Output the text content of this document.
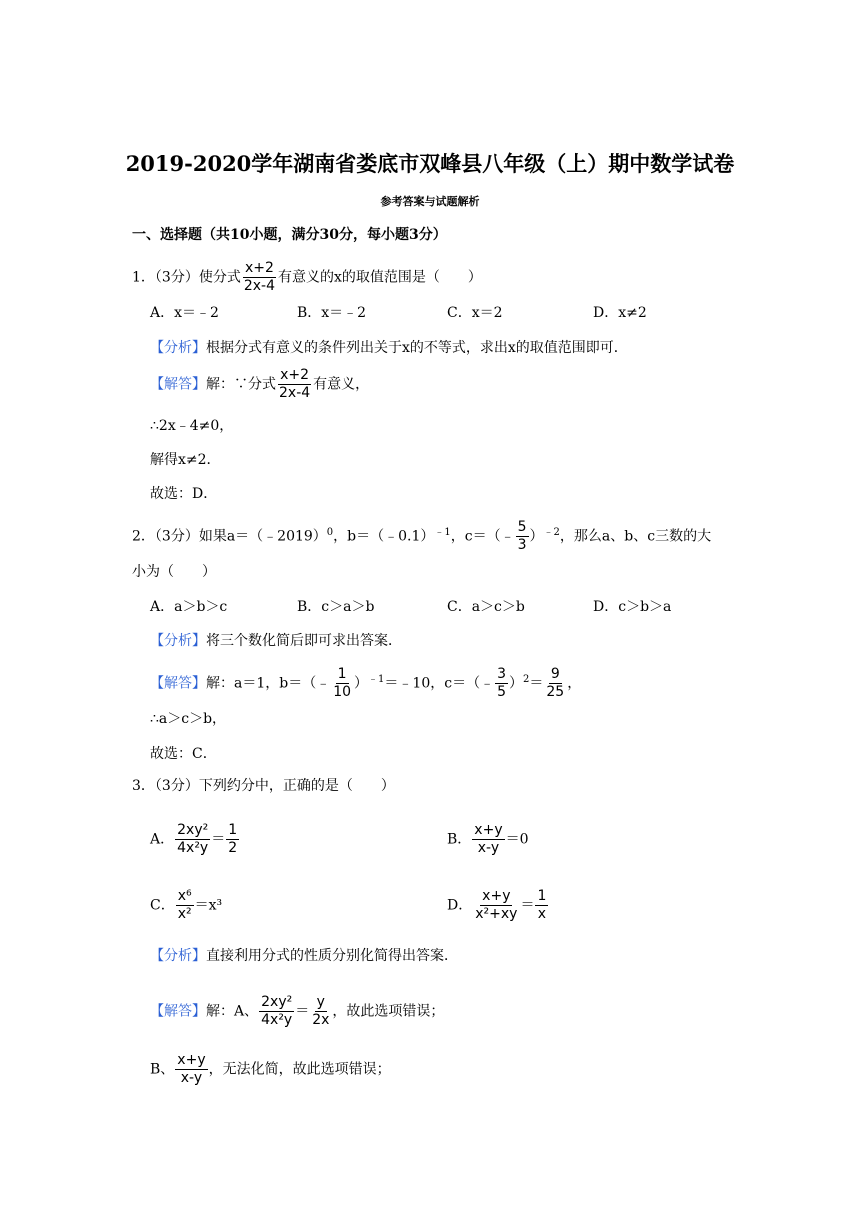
2019-2020学年湖南省娄底市双峰县八年级（上）期中数学试卷
参考答案与试题解析
一、选择题（共10小题，满分30分，每小题3分）
1．（3分）使分式 $\frac{x+2}{2x-4}$ 有意义的x的取值范围是（　　）
A．x＝﹣2	B．x＝﹣2	C．x＝2	D．x≠2
【分析】根据分式有意义的条件列出关于x的不等式，求出x的取值范围即可．
【解答】解：∵分式 $\frac{x+2}{2x-4}$ 有意义，
∴2x﹣4≠0，
解得x≠2．
故选：D．
2．（3分）如果a＝（﹣2019）$^0$，b＝（﹣0.1）$^{﹣1}$，c＝（﹣ $\frac{5}{3} )^{﹣2}$，那么a、b、c三数的大
小为（　　）
A．a＞b＞c	B．c＞a＞b	C．a＞c＞b	D．c＞b＞a
【分析】将三个数化简后即可求出答案．
【解答】解：a＝1，b＝（﹣ $\frac{1}{10}$ ）$^{﹣1}$＝﹣10，c＝（﹣ $\frac{3}{5} )^2= \frac{9}{25}$ ，
∴a＞c＞b，
故选：C．
3．（3分）下列约分中，正确的是（　　）
A． $\frac{\text{2xy²}}{\text{4x²y}} = \frac{1}{2}$	B． $\frac{x+y}{x-y} =0$
C． $\frac{\text{x⁶}}{\text{x²}} =x^3$	D． $\frac{x+y}{\text{x²+xy}} = \frac{1}{x}$
【分析】直接利用分式的性质分别化简得出答案．
【解答】解：A、 $\frac{\text{2xy²}}{\text{4x²y}} = \frac{y}{2x}$ ，故此选项错误；
B、 $\frac{x+y}{x-y}$ ，无法化简，故此选项错误；
